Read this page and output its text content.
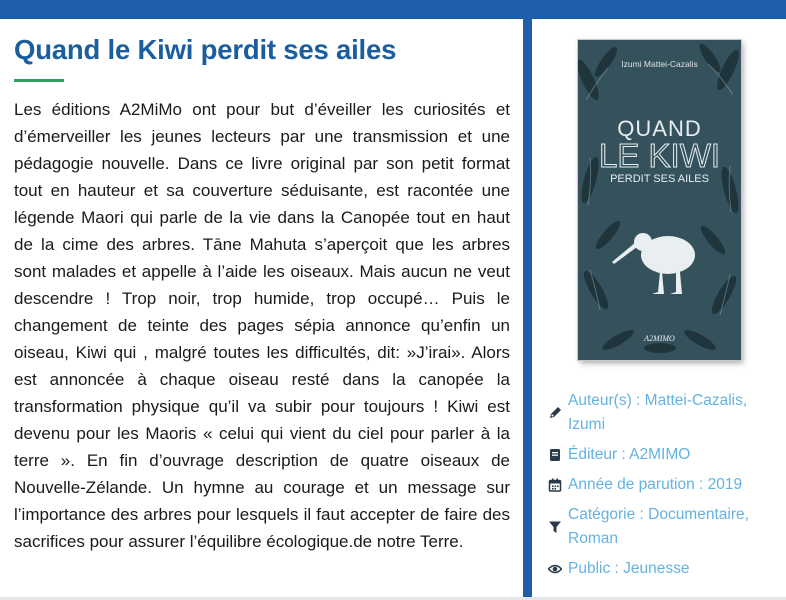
Quand le Kiwi perdit ses ailes

Les éditions A2MiMo ont pour but d’éveiller les curiosités et d’émerveiller les jeunes lecteurs par une transmission et une pédagogie nouvelle. Dans ce livre original par son petit format tout en hauteur et sa couverture séduisante, est racontée une légende Maori qui parle de la vie dans la Canopée tout en haut de la cime des arbres. Tāne Mahuta s’aperçoit que les arbres sont malades et appelle à l’aide les oiseaux. Mais aucun ne veut descendre ! Trop noir, trop humide, trop occupé… Puis le changement de teinte des pages sépia annonce qu’enfin un oiseau, Kiwi qui , malgré toutes les difficultés, dit: »J’irai». Alors est annoncée à chaque oiseau resté dans la canopée la transformation physique qu’il va subir pour toujours ! Kiwi est devenu pour les Maoris « celui qui vient du ciel pour parler à la terre ». En fin d’ouvrage description de quatre oiseaux de Nouvelle-Zélande. Un hymne au courage et un message sur l’importance des arbres pour lesquels il faut accepter de faire des sacrifices pour assurer l’équilibre écologique.de notre Terre.

Izumi Mattei-Cazalis
QUAND
LE KIWI
PERDIT SES AILES
A2MIMO
Auteur(s) : Mattei-Cazalis, Izumi
Éditeur : A2MIMO
Année de parution : 2019
Catégorie : Documentaire, Roman
Public : Jeunesse
